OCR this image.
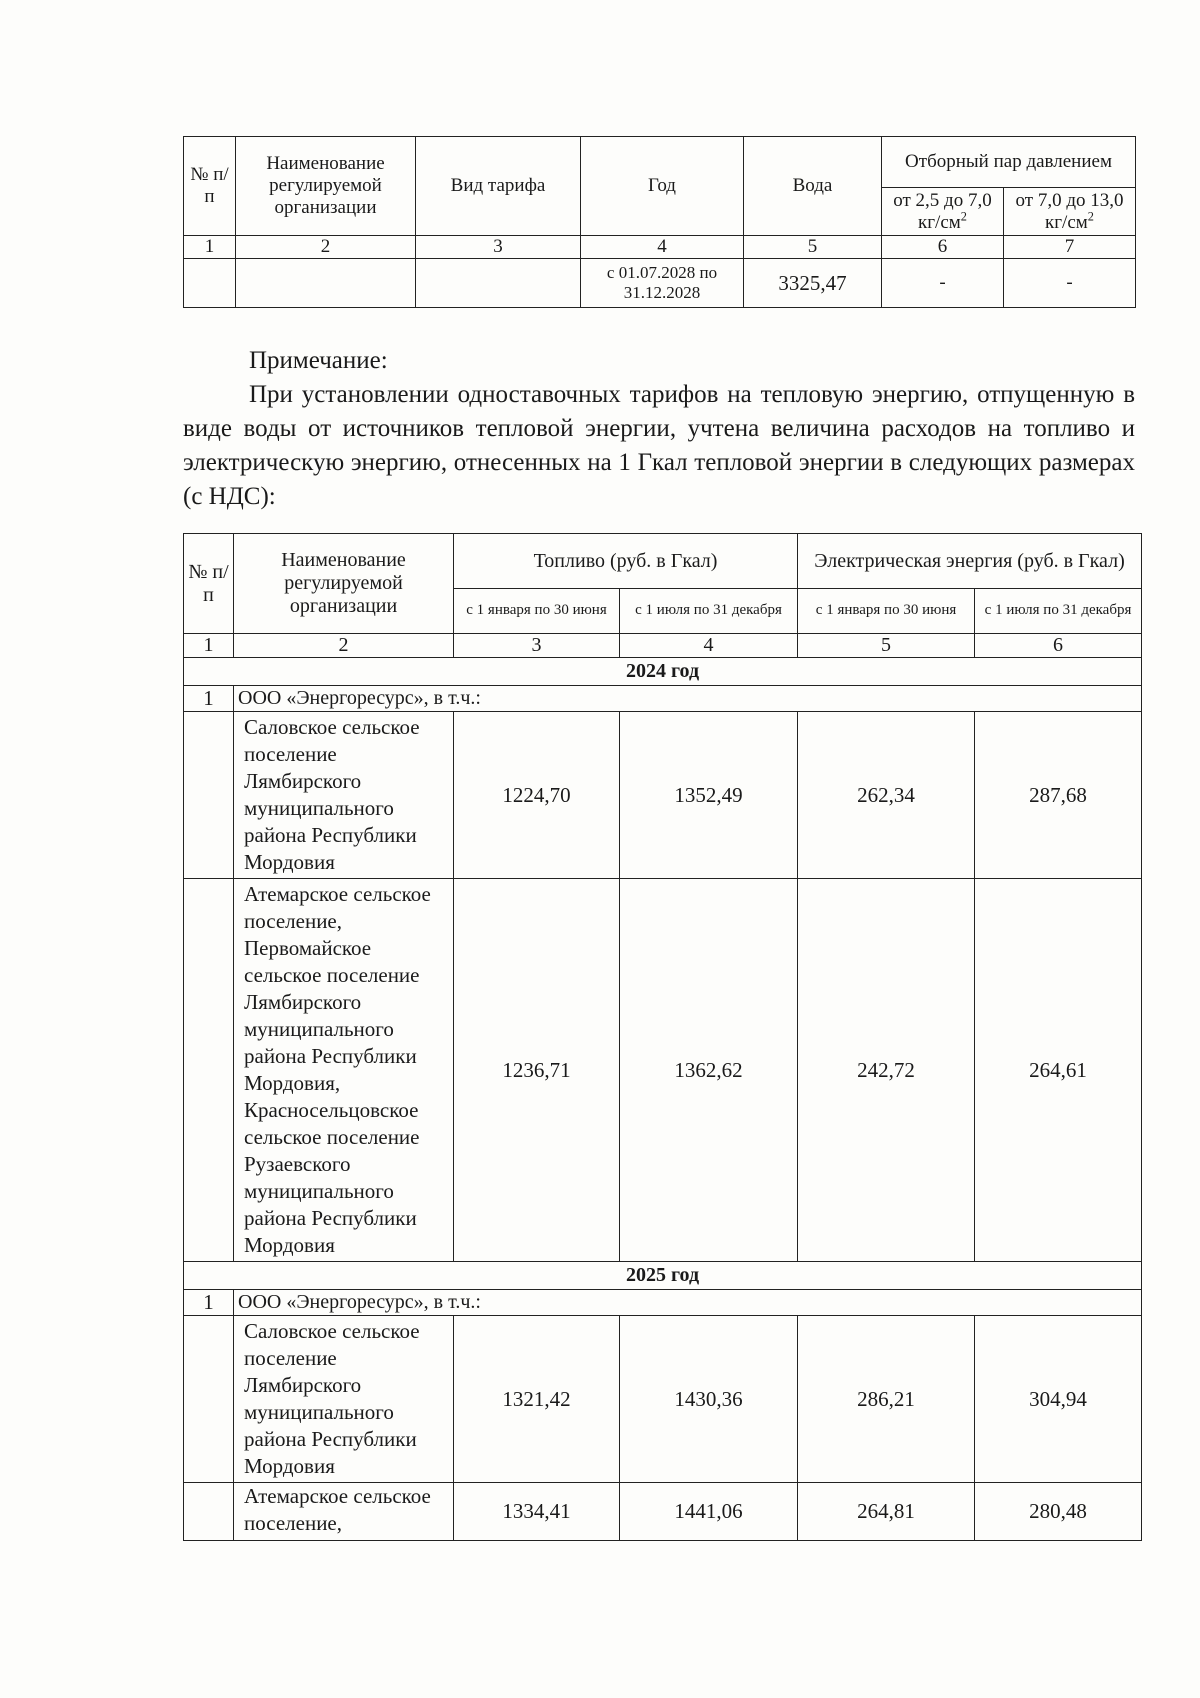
№ п/п	Наименование регулируемой организации	Вид тарифа	Год	Вода	Отборный пар давлением	
					от 2,5 до 7,0 $кг/см^2$	от 7,0 до 13,0 $кг/см^2$
1	2	3	4	5	6	7
			с 01.07.2028 по 31.12.2028	3325,47	-	-
Примечание:

При установлении одноставочных тарифов на тепловую энергию, отпущенную в виде воды от источников тепловой энергии, учтена величина расходов на топливо и электрическую энергию, отнесенных на 1 Гкал тепловой энергии в следующих размерах (с НДС):

№ п/п	Наименование регулируемой организации	Топливо (руб. в Гкал)		Электрическая энергия (руб. в Гкал)	
		с 1 января по 30 июня	с 1 июля по 31 декабря	с 1 января по 30 июня	с 1 июля по 31 декабря
1	2	3	4	5	6
2024 год					
1	ООО «Энергоресурс», в т.ч.:				
	Саловское сельское поселение Лямбирского муниципального района Республики Мордовия	1224,70	1352,49	262,34	287,68
	Атемарское сельское поселение, Первомайское сельское поселение Лямбирского муниципального района Республики Мордовия, Красносельцовское сельское поселение Рузаевского муниципального района Республики Мордовия	1236,71	1362,62	242,72	264,61
2025 год					
1	ООО «Энергоресурс», в т.ч.:				
	Саловское сельское поселение Лямбирского муниципального района Республики Мордовия	1321,42	1430,36	286,21	304,94
	Атемарское сельское поселение,	1334,41	1441,06	264,81	280,48
